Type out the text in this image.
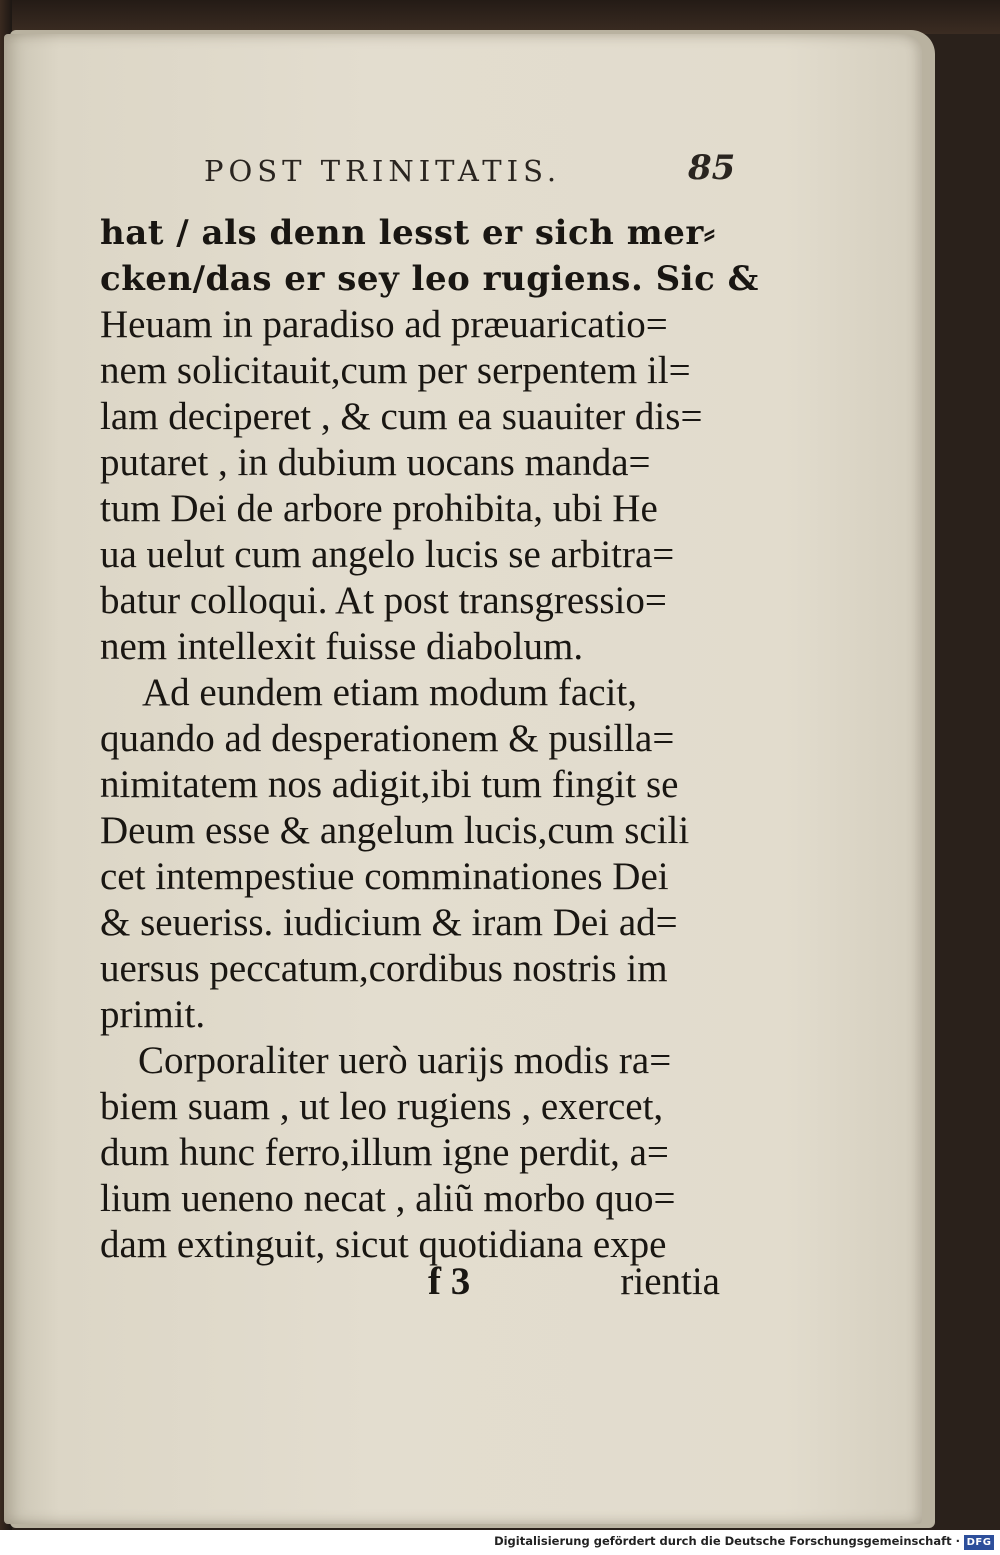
POST TRINITATIS.	85
hat / als denn lesst er sich mer⸗
cken/das er sey leo rugiens. Sic &
Heuam in paradiso ad præuaricatio=
nem solicitauit,cum per serpentem il=
lam deciperet , & cum ea suauiter dis=
putaret , in dubium uocans manda=
tum Dei de arbore prohibita, ubi He
ua uelut cum angelo lucis se arbitra=
batur colloqui. At post transgressio=
nem intellexit fuisse diabolum.
Ad eundem etiam modum facit,
quando ad desperationem & pusilla=
nimitatem nos adigit,ibi tum fingit se
Deum esse & angelum lucis,cum scili
cet intempestiue comminationes Dei
& seueriss. iudicium & iram Dei ad=
uersus peccatum,cordibus nostris im
primit.
Corporaliter uerò uarijs modis ra=
biem suam , ut leo rugiens , exercet,
dum hunc ferro,illum igne perdit, a=
lium ueneno necat , aliũ morbo quo=
dam extinguit, sicut quotidiana expe
f 3	rientia
Digitalisierung gefördert durch die Deutsche Forschungsgemeinschaft · DFG
